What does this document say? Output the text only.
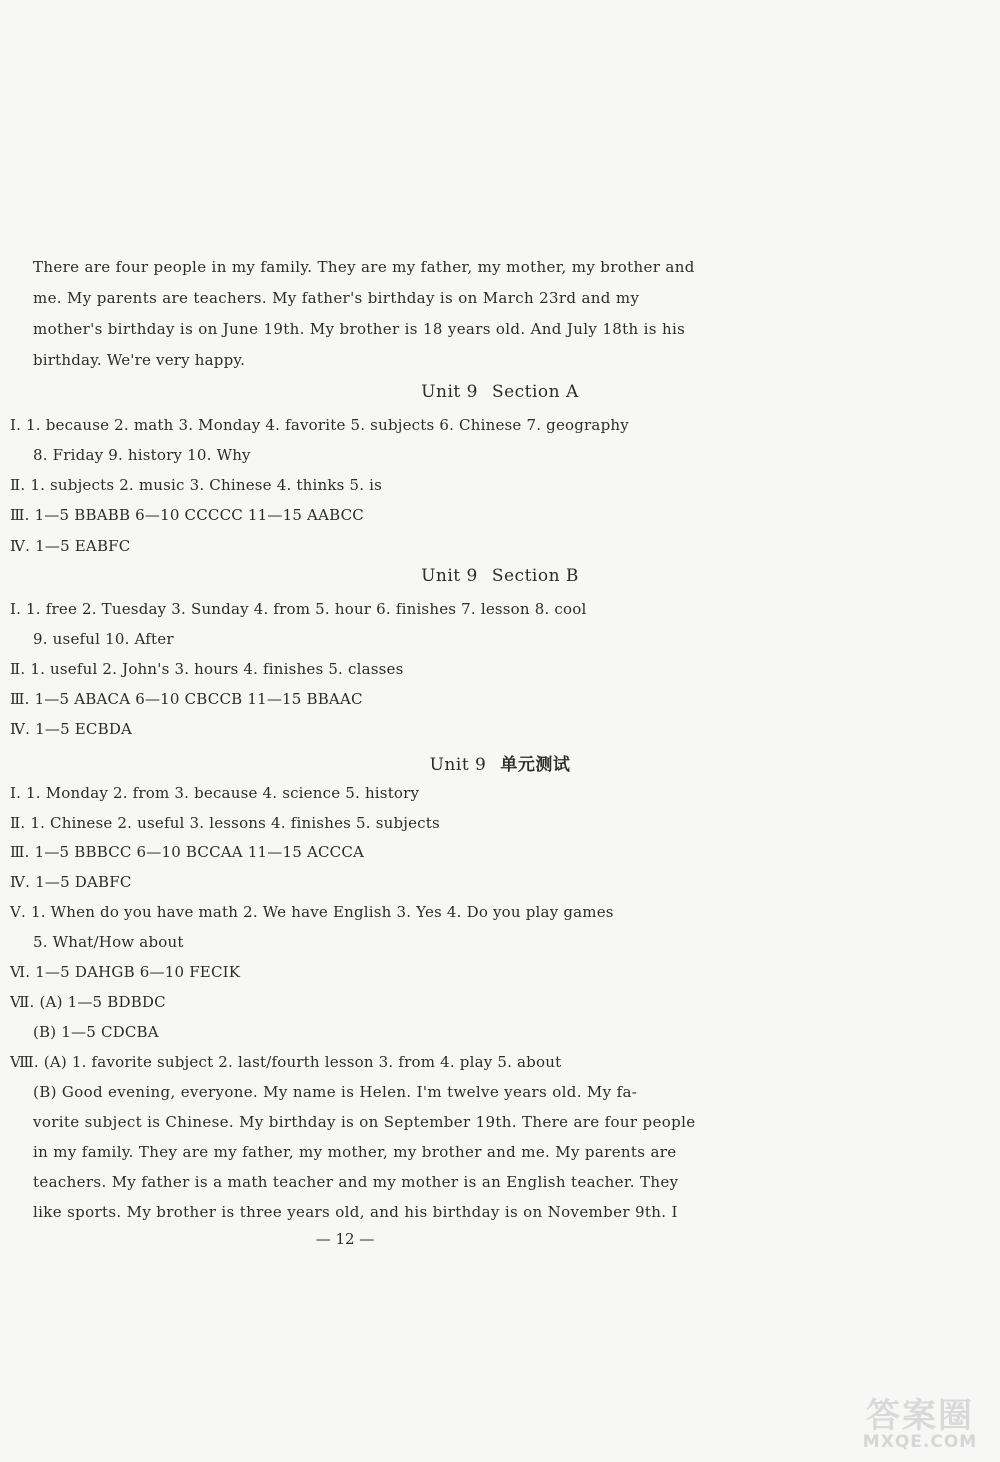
There are four people in my family. They are my father, my mother, my brother and
me. My parents are teachers. My father's birthday is on March 23rd and my
mother's birthday is on June 19th. My brother is 18 years old. And July 18th is his
birthday. We're very happy.
Unit 9 Section A
Ⅰ. 1. because 2. math 3. Monday 4. favorite 5. subjects 6. Chinese 7. geography
8. Friday 9. history 10. Why
Ⅱ. 1. subjects 2. music 3. Chinese 4. thinks 5. is
Ⅲ. 1—5 BBABB 6—10 CCCCC 11—15 AABCC
Ⅳ. 1—5 EABFC
Unit 9 Section B
Ⅰ. 1. free 2. Tuesday 3. Sunday 4. from 5. hour 6. finishes 7. lesson 8. cool
9. useful 10. After
Ⅱ. 1. useful 2. John's 3. hours 4. finishes 5. classes
Ⅲ. 1—5 ABACA 6—10 CBCCB 11—15 BBAAC
Ⅳ. 1—5 ECBDA
Unit 9 单元测试
Ⅰ. 1. Monday 2. from 3. because 4. science 5. history
Ⅱ. 1. Chinese 2. useful 3. lessons 4. finishes 5. subjects
Ⅲ. 1—5 BBBCC 6—10 BCCAA 11—15 ACCCA
Ⅳ. 1—5 DABFC
Ⅴ. 1. When do you have math 2. We have English 3. Yes 4. Do you play games
5. What/How about
Ⅵ. 1—5 DAHGB 6—10 FECIK
Ⅶ. (A) 1—5 BDBDC
(B) 1—5 CDCBA
Ⅷ. (A) 1. favorite subject 2. last/fourth lesson 3. from 4. play 5. about
(B) Good evening, everyone. My name is Helen. I'm twelve years old. My fa-
vorite subject is Chinese. My birthday is on September 19th. There are four people
in my family. They are my father, my mother, my brother and me. My parents are
teachers. My father is a math teacher and my mother is an English teacher. They
like sports. My brother is three years old, and his birthday is on November 9th. I
— 12 —
答案圈
MXQE.COM
